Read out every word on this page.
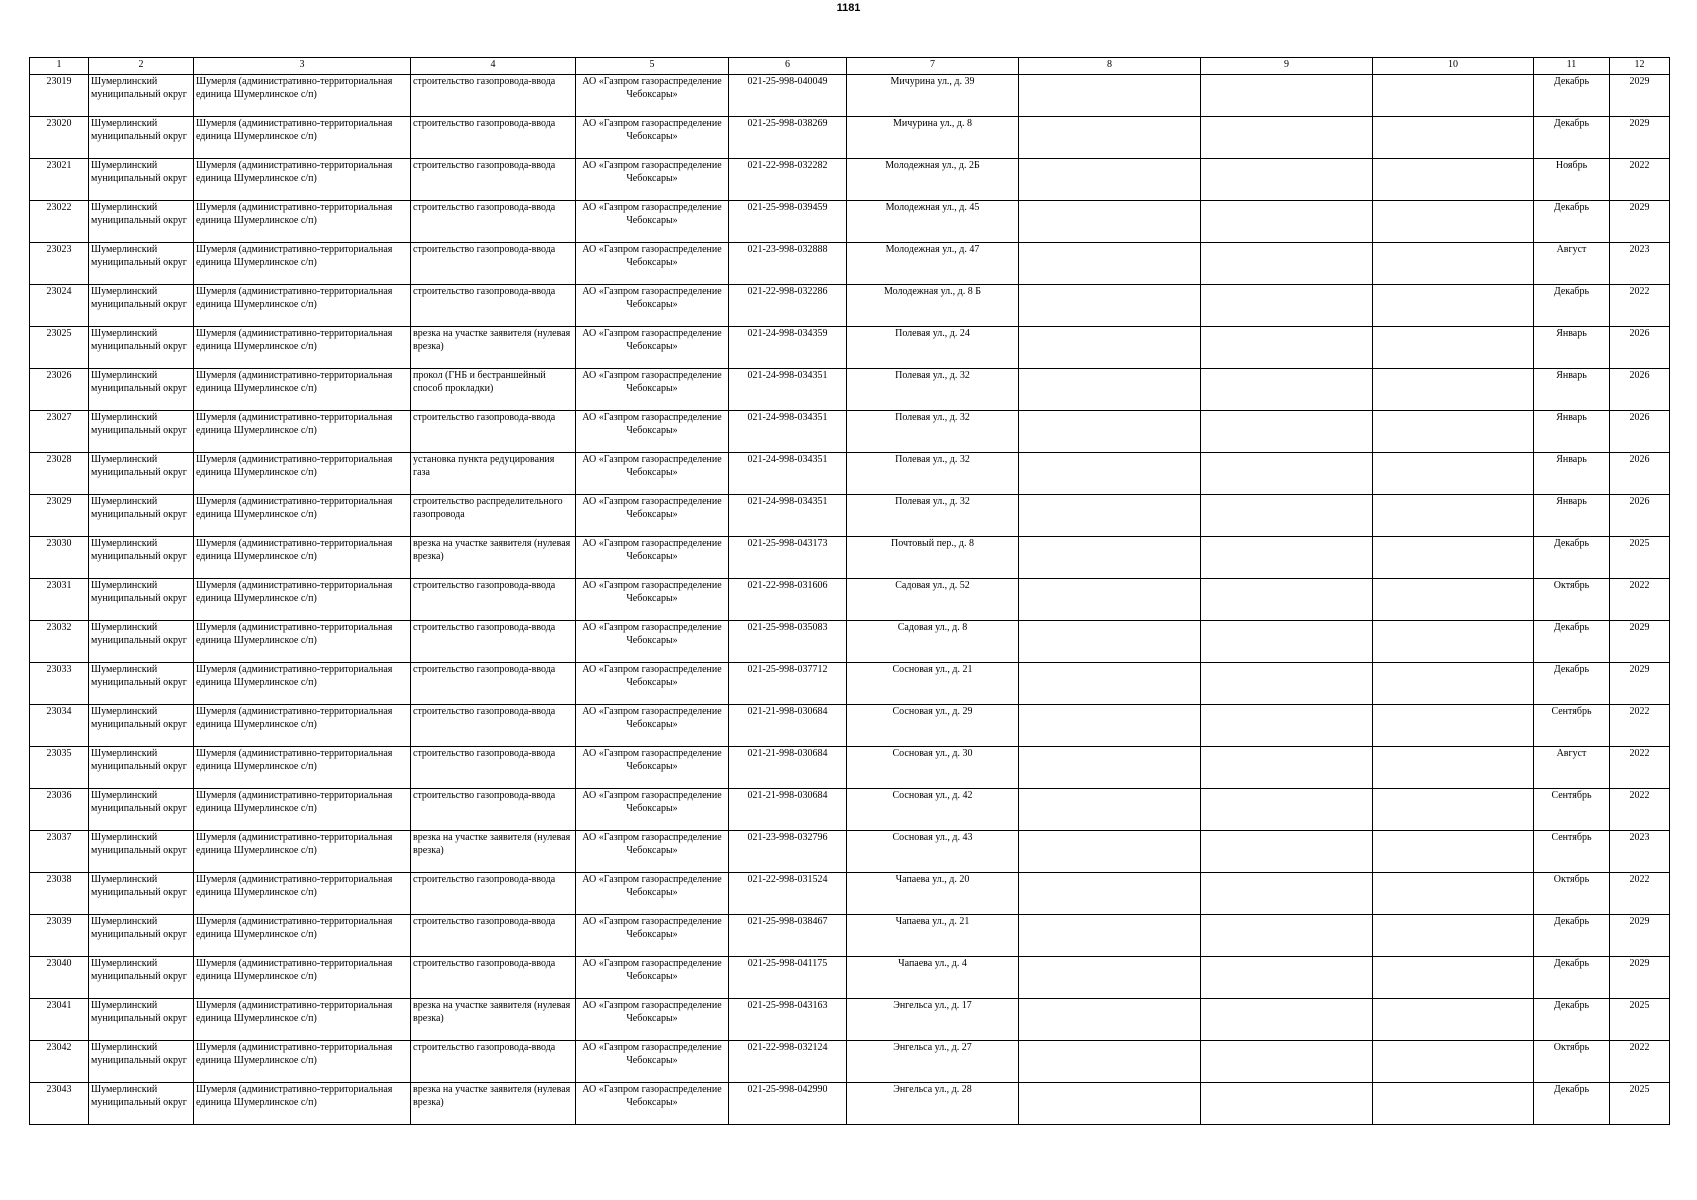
1181
1	2	3	4	5	6	7	8	9	10	11	12

23019	Шумерлинский муниципальный округ	Шумерля (административно-территориальная единица Шумерлинское с/п)	строительство газопровода-ввода	АО «Газпром газораспределение Чебоксары»	021-25-998-040049	Мичурина ул., д. 39				Декабрь	2029

23020	Шумерлинский муниципальный округ	Шумерля (административно-территориальная единица Шумерлинское с/п)	строительство газопровода-ввода	АО «Газпром газораспределение Чебоксары»	021-25-998-038269	Мичурина ул., д. 8				Декабрь	2029

23021	Шумерлинский муниципальный округ	Шумерля (административно-территориальная единица Шумерлинское с/п)	строительство газопровода-ввода	АО «Газпром газораспределение Чебоксары»	021-22-998-032282	Молодежная ул., д. 2Б				Ноябрь	2022

23022	Шумерлинский муниципальный округ	Шумерля (административно-территориальная единица Шумерлинское с/п)	строительство газопровода-ввода	АО «Газпром газораспределение Чебоксары»	021-25-998-039459	Молодежная ул., д. 45				Декабрь	2029

23023	Шумерлинский муниципальный округ	Шумерля (административно-территориальная единица Шумерлинское с/п)	строительство газопровода-ввода	АО «Газпром газораспределение Чебоксары»	021-23-998-032888	Молодежная ул., д. 47				Август	2023

23024	Шумерлинский муниципальный округ	Шумерля (административно-территориальная единица Шумерлинское с/п)	строительство газопровода-ввода	АО «Газпром газораспределение Чебоксары»	021-22-998-032286	Молодежная ул., д. 8 Б				Декабрь	2022

23025	Шумерлинский муниципальный округ	Шумерля (административно-территориальная единица Шумерлинское с/п)	врезка на участке заявителя (нулевая врезка)	АО «Газпром газораспределение Чебоксары»	021-24-998-034359	Полевая ул., д. 24				Январь	2026

23026	Шумерлинский муниципальный округ	Шумерля (административно-территориальная единица Шумерлинское с/п)	прокол (ГНБ и бестраншейный способ прокладки)	АО «Газпром газораспределение Чебоксары»	021-24-998-034351	Полевая ул., д. 32				Январь	2026

23027	Шумерлинский муниципальный округ	Шумерля (административно-территориальная единица Шумерлинское с/п)	строительство газопровода-ввода	АО «Газпром газораспределение Чебоксары»	021-24-998-034351	Полевая ул., д. 32				Январь	2026

23028	Шумерлинский муниципальный округ	Шумерля (административно-территориальная единица Шумерлинское с/п)	установка пункта редуцирования газа	АО «Газпром газораспределение Чебоксары»	021-24-998-034351	Полевая ул., д. 32				Январь	2026

23029	Шумерлинский муниципальный округ	Шумерля (административно-территориальная единица Шумерлинское с/п)	строительство распределительного газопровода	АО «Газпром газораспределение Чебоксары»	021-24-998-034351	Полевая ул., д. 32				Январь	2026

23030	Шумерлинский муниципальный округ	Шумерля (административно-территориальная единица Шумерлинское с/п)	врезка на участке заявителя (нулевая врезка)	АО «Газпром газораспределение Чебоксары»	021-25-998-043173	Почтовый пер., д. 8				Декабрь	2025

23031	Шумерлинский муниципальный округ	Шумерля (административно-территориальная единица Шумерлинское с/п)	строительство газопровода-ввода	АО «Газпром газораспределение Чебоксары»	021-22-998-031606	Садовая ул., д. 52				Октябрь	2022

23032	Шумерлинский муниципальный округ	Шумерля (административно-территориальная единица Шумерлинское с/п)	строительство газопровода-ввода	АО «Газпром газораспределение Чебоксары»	021-25-998-035083	Садовая ул., д. 8				Декабрь	2029

23033	Шумерлинский муниципальный округ	Шумерля (административно-территориальная единица Шумерлинское с/п)	строительство газопровода-ввода	АО «Газпром газораспределение Чебоксары»	021-25-998-037712	Сосновая ул., д. 21				Декабрь	2029

23034	Шумерлинский муниципальный округ	Шумерля (административно-территориальная единица Шумерлинское с/п)	строительство газопровода-ввода	АО «Газпром газораспределение Чебоксары»	021-21-998-030684	Сосновая ул., д. 29				Сентябрь	2022

23035	Шумерлинский муниципальный округ	Шумерля (административно-территориальная единица Шумерлинское с/п)	строительство газопровода-ввода	АО «Газпром газораспределение Чебоксары»	021-21-998-030684	Сосновая ул., д. 30				Август	2022

23036	Шумерлинский муниципальный округ	Шумерля (административно-территориальная единица Шумерлинское с/п)	строительство газопровода-ввода	АО «Газпром газораспределение Чебоксары»	021-21-998-030684	Сосновая ул., д. 42				Сентябрь	2022

23037	Шумерлинский муниципальный округ	Шумерля (административно-территориальная единица Шумерлинское с/п)	врезка на участке заявителя (нулевая врезка)	АО «Газпром газораспределение Чебоксары»	021-23-998-032796	Сосновая ул., д. 43				Сентябрь	2023

23038	Шумерлинский муниципальный округ	Шумерля (административно-территориальная единица Шумерлинское с/п)	строительство газопровода-ввода	АО «Газпром газораспределение Чебоксары»	021-22-998-031524	Чапаева ул., д. 20				Октябрь	2022

23039	Шумерлинский муниципальный округ	Шумерля (административно-территориальная единица Шумерлинское с/п)	строительство газопровода-ввода	АО «Газпром газораспределение Чебоксары»	021-25-998-038467	Чапаева ул., д. 21				Декабрь	2029

23040	Шумерлинский муниципальный округ	Шумерля (административно-территориальная единица Шумерлинское с/п)	строительство газопровода-ввода	АО «Газпром газораспределение Чебоксары»	021-25-998-041175	Чапаева ул., д. 4				Декабрь	2029

23041	Шумерлинский муниципальный округ	Шумерля (административно-территориальная единица Шумерлинское с/п)	врезка на участке заявителя (нулевая врезка)	АО «Газпром газораспределение Чебоксары»	021-25-998-043163	Энгельса ул., д. 17				Декабрь	2025

23042	Шумерлинский муниципальный округ	Шумерля (административно-территориальная единица Шумерлинское с/п)	строительство газопровода-ввода	АО «Газпром газораспределение Чебоксары»	021-22-998-032124	Энгельса ул., д. 27				Октябрь	2022

23043	Шумерлинский муниципальный округ	Шумерля (административно-территориальная единица Шумерлинское с/п)	врезка на участке заявителя (нулевая врезка)	АО «Газпром газораспределение Чебоксары»	021-25-998-042990	Энгельса ул., д. 28				Декабрь	2025
